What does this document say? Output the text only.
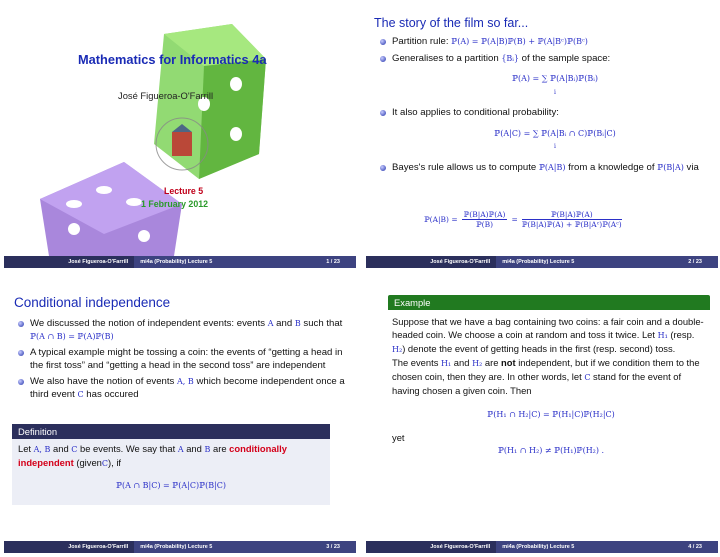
Mathematics for Informatics 4a
José Figueroa-O'Farrill
Lecture 5
1 February 2012
José Figueroa-O'Farrill	mi4a (Probability) Lecture 5	1 / 23
The story of the film so far...
Partition rule: ℙ(A) = ℙ(A|B)ℙ(B) + ℙ(A|Bᶜ)ℙ(Bᶜ)
Generalises to a partition {Bᵢ} of the sample space:
ℙ(A) = ∑ ℙ(A|Bᵢ)ℙ(Bᵢ)
i
It also applies to conditional probability:
ℙ(A|C) = ∑ ℙ(A|Bᵢ ∩ C)ℙ(Bᵢ|C)
i
Bayes's rule allows us to compute ℙ(A|B) from a knowledge of ℙ(B|A) via
ℙ(A|B) =
ℙ(B|A)ℙ(A)
ℙ(B)
=
ℙ(B|A)ℙ(A)
ℙ(B|A)ℙ(A) + ℙ(B|Aᶜ)ℙ(Aᶜ)
José Figueroa-O'Farrill	mi4a (Probability) Lecture 5	2 / 23
Conditional independence
We discussed the notion of independent events: events A and B such that ℙ(A ∩ B) = ℙ(A)ℙ(B)
A typical example might be tossing a coin: the events of “getting a head in the first toss” and “getting a head in the second toss” are independent
We also have the notion of events A, B which become independent once a third event C has occured
Definition
Let A, B and C be events. We say that A and B are conditionally independent (givenC), if
ℙ(A ∩ B|C) = ℙ(A|C)ℙ(B|C)
José Figueroa-O'Farrill	mi4a (Probability) Lecture 5	3 / 23
Example
Suppose that we have a bag containing two coins: a fair coin and a double-headed coin. We choose a coin at random and toss it twice. Let H₁ (resp. H₂) denote the event of getting heads in the first (resp. second) toss.
The events H₁ and H₂ are not independent, but if we condition them to the chosen coin, then they are. In other words, let C stand for the event of having chosen a given coin. Then
ℙ(H₁ ∩ H₂|C) = ℙ(H₁|C)ℙ(H₂|C)
yet
ℙ(H₁ ∩ H₂) ≠ ℙ(H₁)ℙ(H₂) .
José Figueroa-O'Farrill	mi4a (Probability) Lecture 5	4 / 23
